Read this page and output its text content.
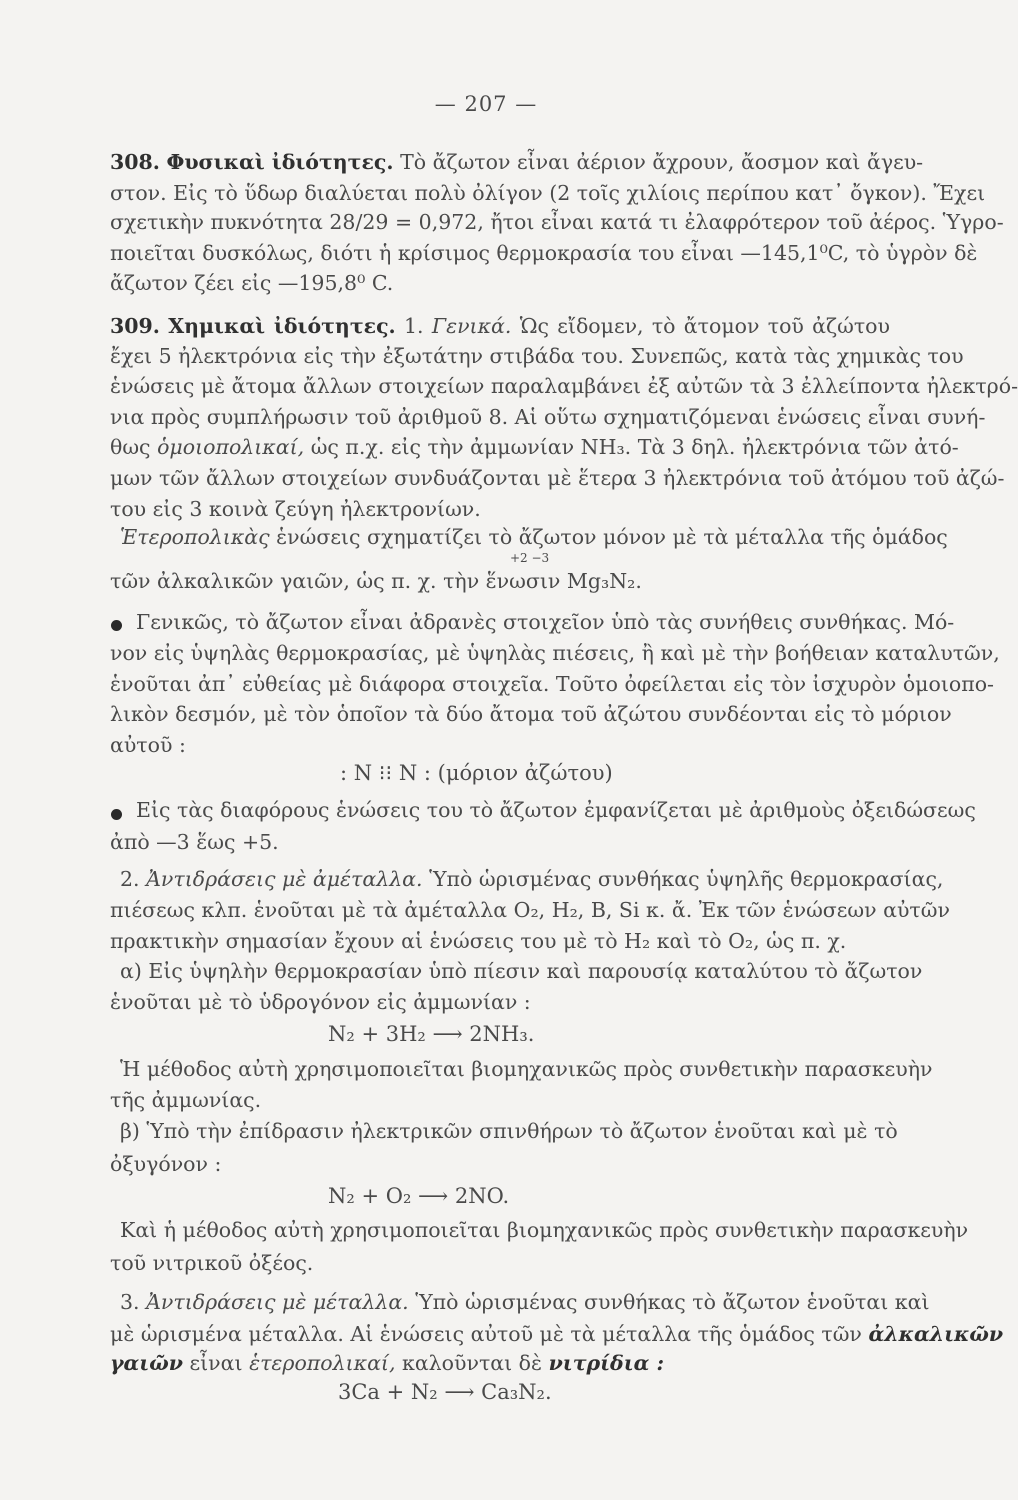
— 207 —
308. Φυσικαὶ ἰδιότητες. Τὸ ἄζωτον εἶναι ἀέριον ἄχρουν, ἄοσμον καὶ ἄγευ-
στον. Εἰς τὸ ὕδωρ διαλύεται πολὺ ὀλίγον (2 τοῖς χιλίοις περίπου κατ᾽ ὄγκον). Ἔχει
σχετικὴν πυκνότητα 28/29 = 0,972, ἤτοι εἶναι κατά τι ἐλαφρότερον τοῦ ἀέρος. Ὑγρο-
ποιεῖται δυσκόλως, διότι ἡ κρίσιμος θερμοκρασία του εἶναι —145,1⁰C, τὸ ὑγρὸν δὲ
ἄζωτον ζέει εἰς —195,8⁰ C.
309. Χημικαὶ ἰδιότητες. 1. Γενικά. Ὡς εἴδομεν, τὸ ἄτομον τοῦ ἀζώτου
ἔχει 5 ἠλεκτρόνια εἰς τὴν ἐξωτάτην στιβάδα του. Συνεπῶς, κατὰ τὰς χημικὰς του
ἑνώσεις μὲ ἄτομα ἄλλων στοιχείων παραλαμβάνει ἐξ αὐτῶν τὰ 3 ἐλλείποντα ἠλεκτρό-
νια πρὸς συμπλήρωσιν τοῦ ἀριθμοῦ 8. Αἱ οὕτω σχηματιζόμεναι ἑνώσεις εἶναι συνή-
θως ὁμοιοπολικαί, ὡς π.χ. εἰς τὴν ἀμμωνίαν NH₃. Τὰ 3 δηλ. ἠλεκτρόνια τῶν ἀτό-
μων τῶν ἄλλων στοιχείων συνδυάζονται μὲ ἕτερα 3 ἠλεκτρόνια τοῦ ἀτόμου τοῦ ἀζώ-
του εἰς 3 κοινὰ ζεύγη ἠλεκτρονίων.
Ἑτεροπολικὰς ἑνώσεις σχηματίζει τὸ ἄζωτον μόνον μὲ τὰ μέταλλα τῆς ὁμάδος
+2 −3
τῶν ἀλκαλικῶν γαιῶν, ὡς π. χ. τὴν ἕνωσιν Mg₃N₂.
Γενικῶς, τὸ ἄζωτον εἶναι ἀδρανὲς στοιχεῖον ὑπὸ τὰς συνήθεις συνθήκας. Μό-
νον εἰς ὑψηλὰς θερμοκρασίας, μὲ ὑψηλὰς πιέσεις, ἢ καὶ μὲ τὴν βοήθειαν καταλυτῶν,
ἑνοῦται ἀπ᾽ εὐθείας μὲ διάφορα στοιχεῖα. Τοῦτο ὀφείλεται εἰς τὸν ἰσχυρὸν ὁμοιοπο-
λικὸν δεσμόν, μὲ τὸν ὁποῖον τὰ δύο ἄτομα τοῦ ἀζώτου συνδέονται εἰς τὸ μόριον
αὐτοῦ :
: N ⁝⁝ N : (μόριον ἀζώτου)
Εἰς τὰς διαφόρους ἑνώσεις του τὸ ἄζωτον ἐμφανίζεται μὲ ἀριθμοὺς ὀξειδώσεως
ἀπὸ —3 ἕως +5.
2. Ἀντιδράσεις μὲ ἀμέταλλα. Ὑπὸ ὡρισμένας συνθήκας ὑψηλῆς θερμοκρασίας,
πιέσεως κλπ. ἑνοῦται μὲ τὰ ἀμέταλλα O₂, H₂, B, Si κ. ἄ. Ἐκ τῶν ἑνώσεων αὐτῶν
πρακτικὴν σημασίαν ἔχουν αἱ ἑνώσεις του μὲ τὸ H₂ καὶ τὸ O₂, ὡς π. χ.
α) Εἰς ὑψηλὴν θερμοκρασίαν ὑπὸ πίεσιν καὶ παρουσίᾳ καταλύτου τὸ ἄζωτον
ἑνοῦται μὲ τὸ ὑδρογόνον εἰς ἀμμωνίαν :
N₂ + 3H₂ ⟶ 2NH₃.
Ἡ μέθοδος αὐτὴ χρησιμοποιεῖται βιομηχανικῶς πρὸς συνθετικὴν παρασκευὴν
τῆς ἀμμωνίας.
β) Ὑπὸ τὴν ἐπίδρασιν ἠλεκτρικῶν σπινθήρων τὸ ἄζωτον ἑνοῦται καὶ μὲ τὸ
ὀξυγόνον :
N₂ + O₂ ⟶ 2NO.
Καὶ ἡ μέθοδος αὐτὴ χρησιμοποιεῖται βιομηχανικῶς πρὸς συνθετικὴν παρασκευὴν
τοῦ νιτρικοῦ ὀξέος.
3. Ἀντιδράσεις μὲ μέταλλα. Ὑπὸ ὡρισμένας συνθήκας τὸ ἄζωτον ἑνοῦται καὶ
μὲ ὡρισμένα μέταλλα. Αἱ ἑνώσεις αὐτοῦ μὲ τὰ μέταλλα τῆς ὁμάδος τῶν ἀλκαλικῶν
γαιῶν εἶναι ἑτεροπολικαί, καλοῦνται δὲ νιτρίδια :
3Ca + N₂ ⟶ Ca₃N₂.
